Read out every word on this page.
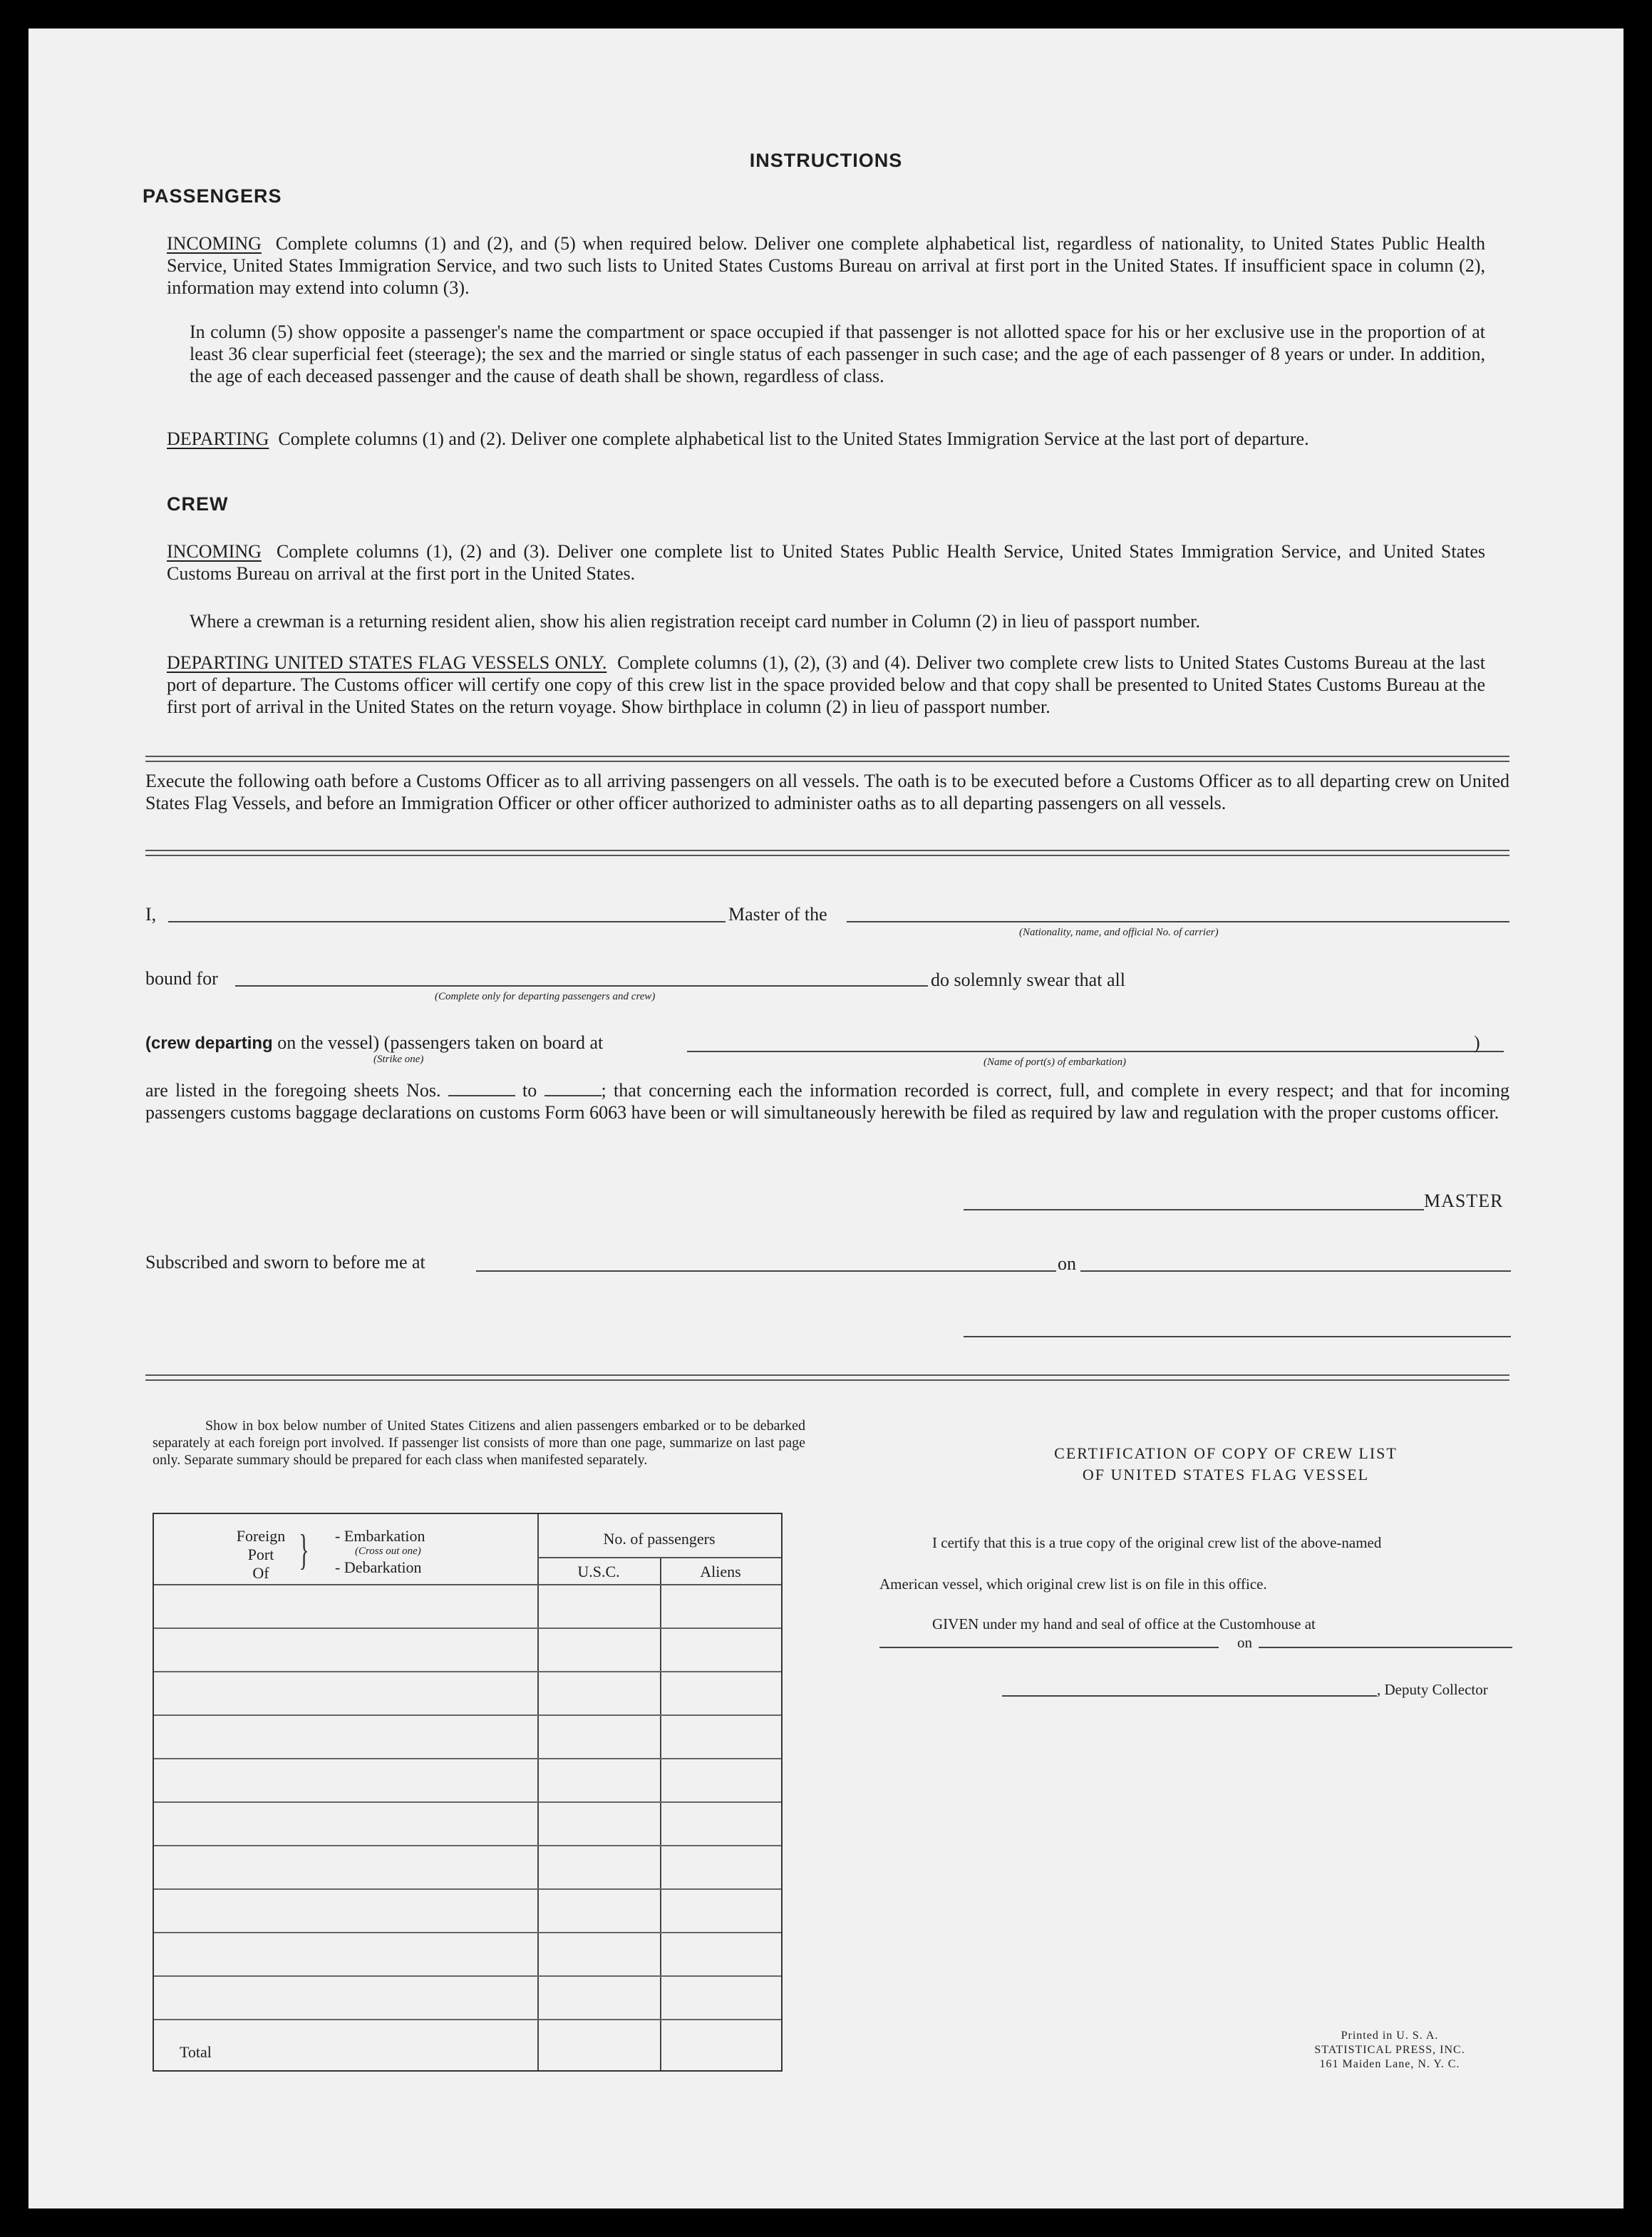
INSTRUCTIONS
PASSENGERS
INCOMING Complete columns (1) and (2), and (5) when required below. Deliver one complete alphabetical list, regardless of nationality, to United States Public Health Service, United States Immigration Service, and two such lists to United States Customs Bureau on arrival at first port in the United States. If insufficient space in column (2), information may extend into column (3).
In column (5) show opposite a passenger's name the compartment or space occupied if that passenger is not allotted space for his or her exclusive use in the proportion of at least 36 clear superficial feet (steerage); the sex and the married or single status of each passenger in such case; and the age of each passenger of 8 years or under. In addition, the age of each deceased passenger and the cause of death shall be shown, regardless of class.
DEPARTING Complete columns (1) and (2). Deliver one complete alphabetical list to the United States Immigration Service at the last port of departure.
CREW
INCOMING Complete columns (1), (2) and (3). Deliver one complete list to United States Public Health Service, United States Immigration Service, and United States Customs Bureau on arrival at the first port in the United States.
Where a crewman is a returning resident alien, show his alien registration receipt card number in Column (2) in lieu of passport number.
DEPARTING UNITED STATES FLAG VESSELS ONLY. Complete columns (1), (2), (3) and (4). Deliver two complete crew lists to United States Customs Bureau at the last port of departure. The Customs officer will certify one copy of this crew list in the space provided below and that copy shall be presented to United States Customs Bureau at the first port of arrival in the United States on the return voyage. Show birthplace in column (2) in lieu of passport number.
Execute the following oath before a Customs Officer as to all arriving passengers on all vessels. The oath is to be executed before a Customs Officer as to all departing crew on United States Flag Vessels, and before an Immigration Officer or other officer authorized to administer oaths as to all departing passengers on all vessels.
I,	Master of the
(Nationality, name, and official No. of carrier)
bound for
(Complete only for departing passengers and crew)
do solemnly swear that all
(crew departing on the vessel) (passengers taken on board at
(Strike one)	(Name of port(s) of embarkation)
)
are listed in the foregoing sheets Nos.	to	; that concerning each the information recorded is correct, full, and complete in every respect; and that for incoming passengers customs baggage declarations on customs Form 6063 have been or will simultaneously herewith be filed as required by law and regulation with the proper customs officer.
MASTER
Subscribed and sworn to before me at	on
Show in box below number of United States Citizens and alien passengers embarked or to be debarked separately at each foreign port involved. If passenger list consists of more than one page, summarize on last page only. Separate summary should be prepared for each class when manifested separately.
Foreign
Port
Of } - Embarkation
(Cross out one)
- Debarkation
No. of passengers
U.S.C.	Aliens
Total
CERTIFICATION OF COPY OF CREW LIST
OF UNITED STATES FLAG VESSEL
I certify that this is a true copy of the original crew list of the above-named
American vessel, which original crew list is on file in this office.
GIVEN under my hand and seal of office at the Customhouse at
on
, Deputy Collector
Printed in U. S. A.
STATISTICAL PRESS, INC.
161 Maiden Lane, N. Y. C.
